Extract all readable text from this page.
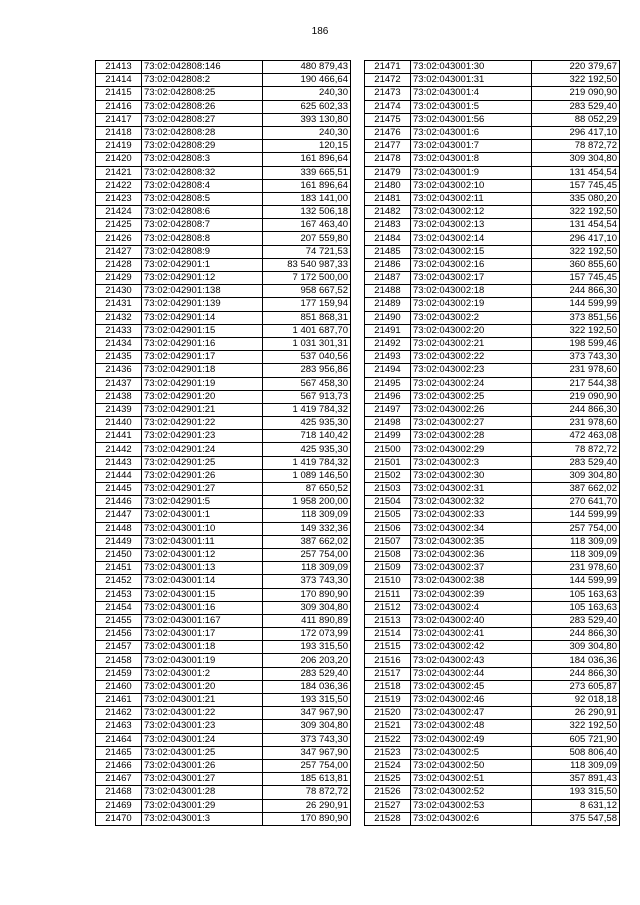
186
21413	73:02:042808:146	480 879,43
21414	73:02:042808:2	190 466,64
21415	73:02:042808:25	240,30
21416	73:02:042808:26	625 602,33
21417	73:02:042808:27	393 130,80
21418	73:02:042808:28	240,30
21419	73:02:042808:29	120,15
21420	73:02:042808:3	161 896,64
21421	73:02:042808:32	339 665,51
21422	73:02:042808:4	161 896,64
21423	73:02:042808:5	183 141,00
21424	73:02:042808:6	132 506,18
21425	73:02:042808:7	167 463,40
21426	73:02:042808:8	207 559,80
21427	73:02:042808:9	74 721,53
21428	73:02:042901:1	83 540 987,33
21429	73:02:042901:12	7 172 500,00
21430	73:02:042901:138	958 667,52
21431	73:02:042901:139	177 159,94
21432	73:02:042901:14	851 868,31
21433	73:02:042901:15	1 401 687,70
21434	73:02:042901:16	1 031 301,31
21435	73:02:042901:17	537 040,56
21436	73:02:042901:18	283 956,86
21437	73:02:042901:19	567 458,30
21438	73:02:042901:20	567 913,73
21439	73:02:042901:21	1 419 784,32
21440	73:02:042901:22	425 935,30
21441	73:02:042901:23	718 140,42
21442	73:02:042901:24	425 935,30
21443	73:02:042901:25	1 419 784,32
21444	73:02:042901:26	1 089 146,50
21445	73:02:042901:27	87 650,52
21446	73:02:042901:5	1 958 200,00
21447	73:02:043001:1	118 309,09
21448	73:02:043001:10	149 332,36
21449	73:02:043001:11	387 662,02
21450	73:02:043001:12	257 754,00
21451	73:02:043001:13	118 309,09
21452	73:02:043001:14	373 743,30
21453	73:02:043001:15	170 890,90
21454	73:02:043001:16	309 304,80
21455	73:02:043001:167	411 890,89
21456	73:02:043001:17	172 073,99
21457	73:02:043001:18	193 315,50
21458	73:02:043001:19	206 203,20
21459	73:02:043001:2	283 529,40
21460	73:02:043001:20	184 036,36
21461	73:02:043001:21	193 315,50
21462	73:02:043001:22	347 967,90
21463	73:02:043001:23	309 304,80
21464	73:02:043001:24	373 743,30
21465	73:02:043001:25	347 967,90
21466	73:02:043001:26	257 754,00
21467	73:02:043001:27	185 613,81
21468	73:02:043001:28	78 872,72
21469	73:02:043001:29	26 290,91
21470	73:02:043001:3	170 890,90
21471	73:02:043001:30	220 379,67
21472	73:02:043001:31	322 192,50
21473	73:02:043001:4	219 090,90
21474	73:02:043001:5	283 529,40
21475	73:02:043001:56	88 052,29
21476	73:02:043001:6	296 417,10
21477	73:02:043001:7	78 872,72
21478	73:02:043001:8	309 304,80
21479	73:02:043001:9	131 454,54
21480	73:02:043002:10	157 745,45
21481	73:02:043002:11	335 080,20
21482	73:02:043002:12	322 192,50
21483	73:02:043002:13	131 454,54
21484	73:02:043002:14	296 417,10
21485	73:02:043002:15	322 192,50
21486	73:02:043002:16	360 855,60
21487	73:02:043002:17	157 745,45
21488	73:02:043002:18	244 866,30
21489	73:02:043002:19	144 599,99
21490	73:02:043002:2	373 851,56
21491	73:02:043002:20	322 192,50
21492	73:02:043002:21	198 599,46
21493	73:02:043002:22	373 743,30
21494	73:02:043002:23	231 978,60
21495	73:02:043002:24	217 544,38
21496	73:02:043002:25	219 090,90
21497	73:02:043002:26	244 866,30
21498	73:02:043002:27	231 978,60
21499	73:02:043002:28	472 463,08
21500	73:02:043002:29	78 872,72
21501	73:02:043002:3	283 529,40
21502	73:02:043002:30	309 304,80
21503	73:02:043002:31	387 662,02
21504	73:02:043002:32	270 641,70
21505	73:02:043002:33	144 599,99
21506	73:02:043002:34	257 754,00
21507	73:02:043002:35	118 309,09
21508	73:02:043002:36	118 309,09
21509	73:02:043002:37	231 978,60
21510	73:02:043002:38	144 599,99
21511	73:02:043002:39	105 163,63
21512	73:02:043002:4	105 163,63
21513	73:02:043002:40	283 529,40
21514	73:02:043002:41	244 866,30
21515	73:02:043002:42	309 304,80
21516	73:02:043002:43	184 036,36
21517	73:02:043002:44	244 866,30
21518	73:02:043002:45	273 605,87
21519	73:02:043002:46	92 018,18
21520	73:02:043002:47	26 290,91
21521	73:02:043002:48	322 192,50
21522	73:02:043002:49	605 721,90
21523	73:02:043002:5	508 806,40
21524	73:02:043002:50	118 309,09
21525	73:02:043002:51	357 891,43
21526	73:02:043002:52	193 315,50
21527	73:02:043002:53	8 631,12
21528	73:02:043002:6	375 547,58
